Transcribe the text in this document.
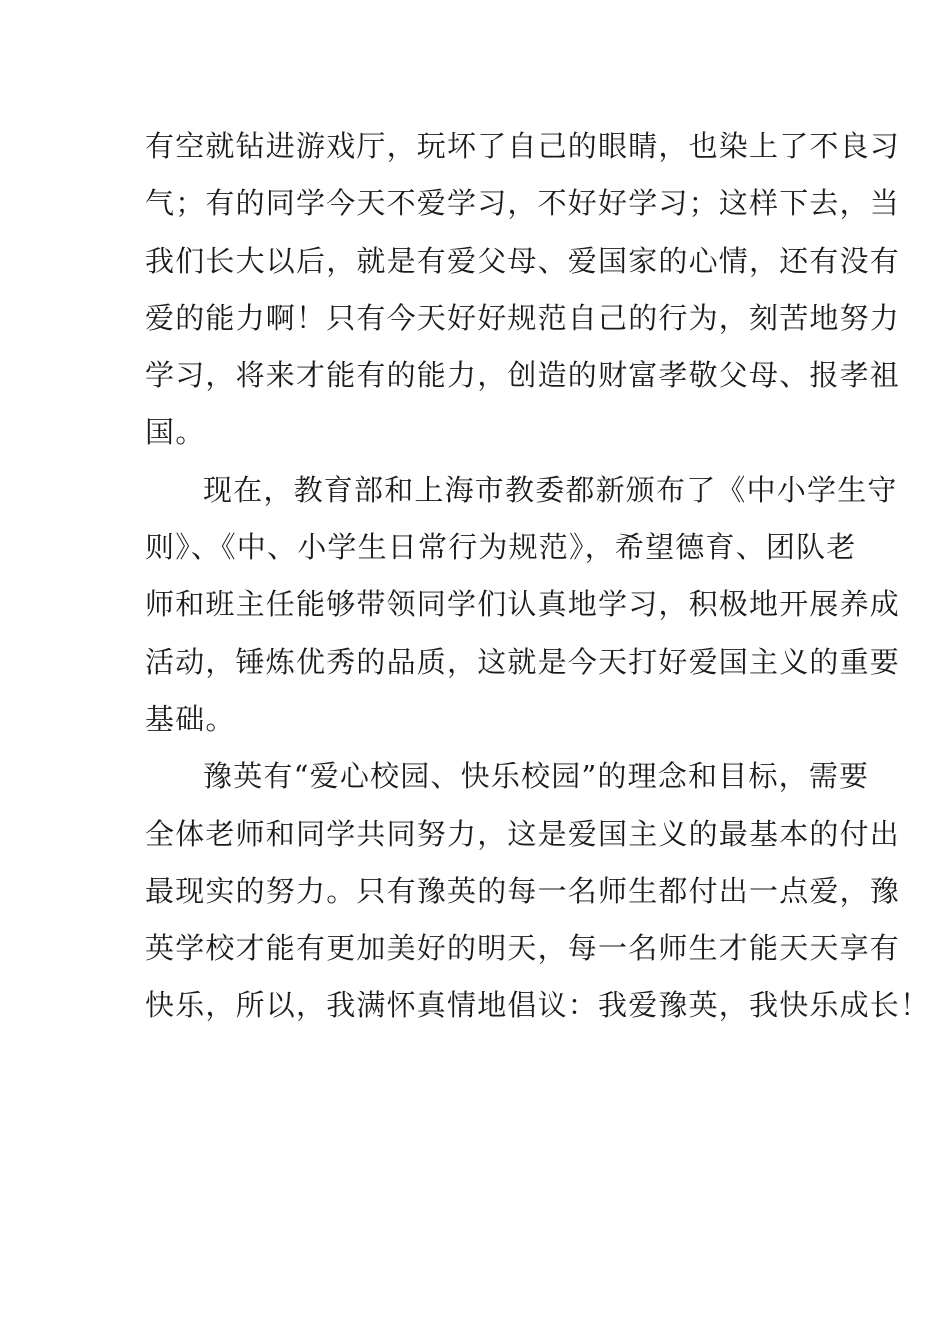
有空就钻进游戏厅，玩坏了自己的眼睛，也染上了不良习
气；有的同学今天不爱学习，不好好学习；这样下去，当
我们长大以后，就是有爱父母、爱国家的心情，还有没有
爱的能力啊！只有今天好好规范自己的行为，刻苦地努力
学习，将来才能有的能力，创造的财富孝敬父母、报孝祖
国。
现在，教育部和上海市教委都新颁布了《中小学生守
则》、《中、小学生日常行为规范》，希望德育、团队老
师和班主任能够带领同学们认真地学习，积极地开展养成
活动，锤炼优秀的品质，这就是今天打好爱国主义的重要
基础。
豫英有“爱心校园、快乐校园”的理念和目标，需要
全体老师和同学共同努力，这是爱国主义的最基本的付出
最现实的努力。只有豫英的每一名师生都付出一点爱，豫
英学校才能有更加美好的明天，每一名师生才能天天享有
快乐，所以，我满怀真情地倡议：我爱豫英，我快乐成长！
